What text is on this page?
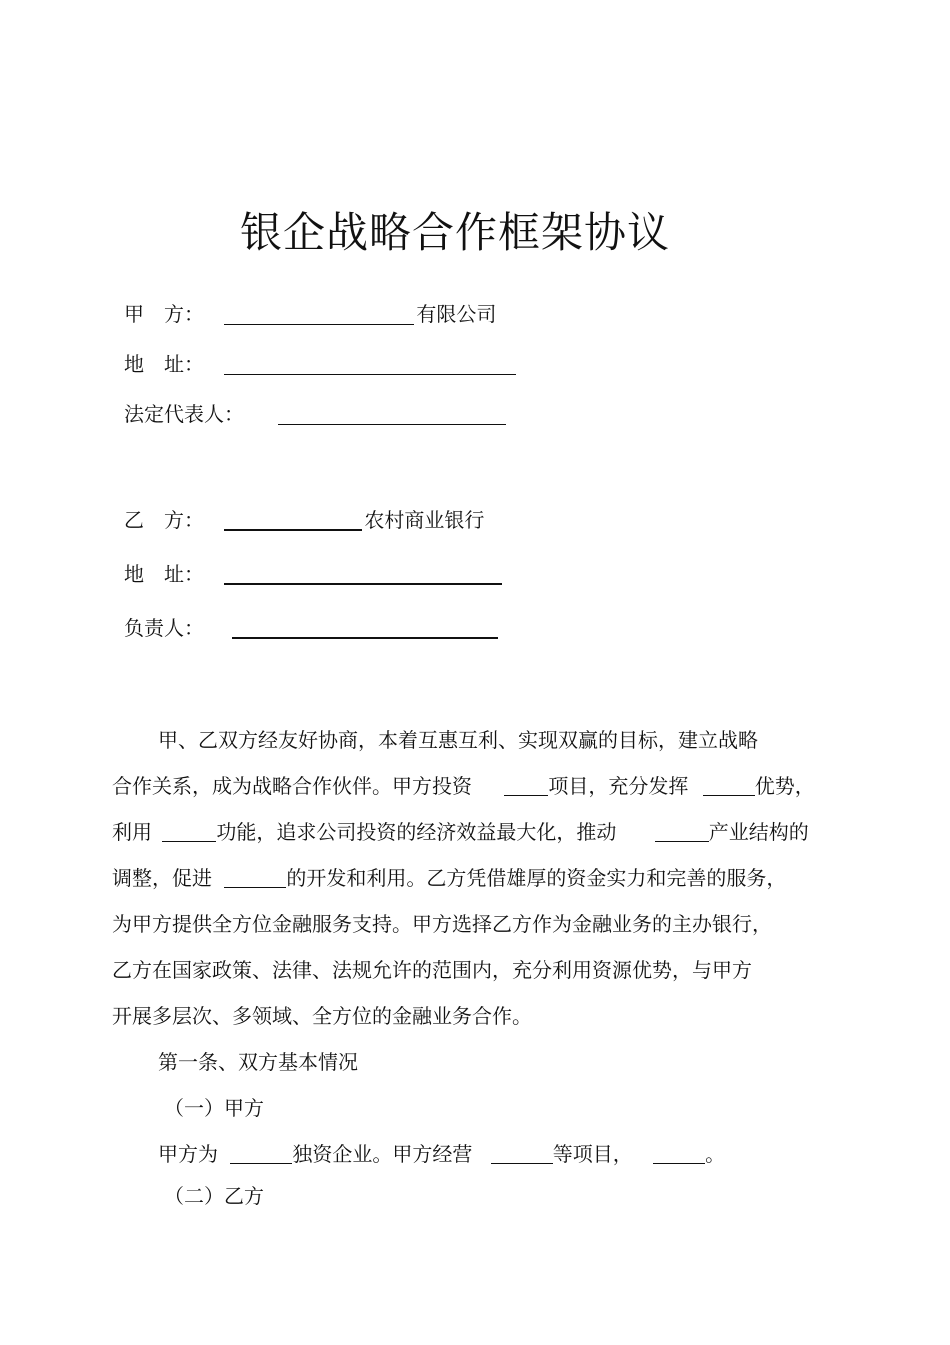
银企战略合作框架协议
甲　方：	有限公司
地　址：
法定代表人：
乙　方：	农村商业银行
地　址：
负责人：
甲、乙双方经友好协商，本着互惠互利、实现双赢的目标，建立战略
合作关系，成为战略合作伙伴。甲方投资	项目，充分发挥	优势，
利用	功能，追求公司投资的经济效益最大化，推动	产业结构的
调整，促进	的开发和利用。乙方凭借雄厚的资金实力和完善的服务，
为甲方提供全方位金融服务支持。甲方选择乙方作为金融业务的主办银行，
乙方在国家政策、法律、法规允许的范围内，充分利用资源优势，与甲方
开展多层次、多领域、全方位的金融业务合作。
第一条、双方基本情况
（一）甲方
甲方为	独资企业。甲方经营	等项目，	。
（二）乙方
